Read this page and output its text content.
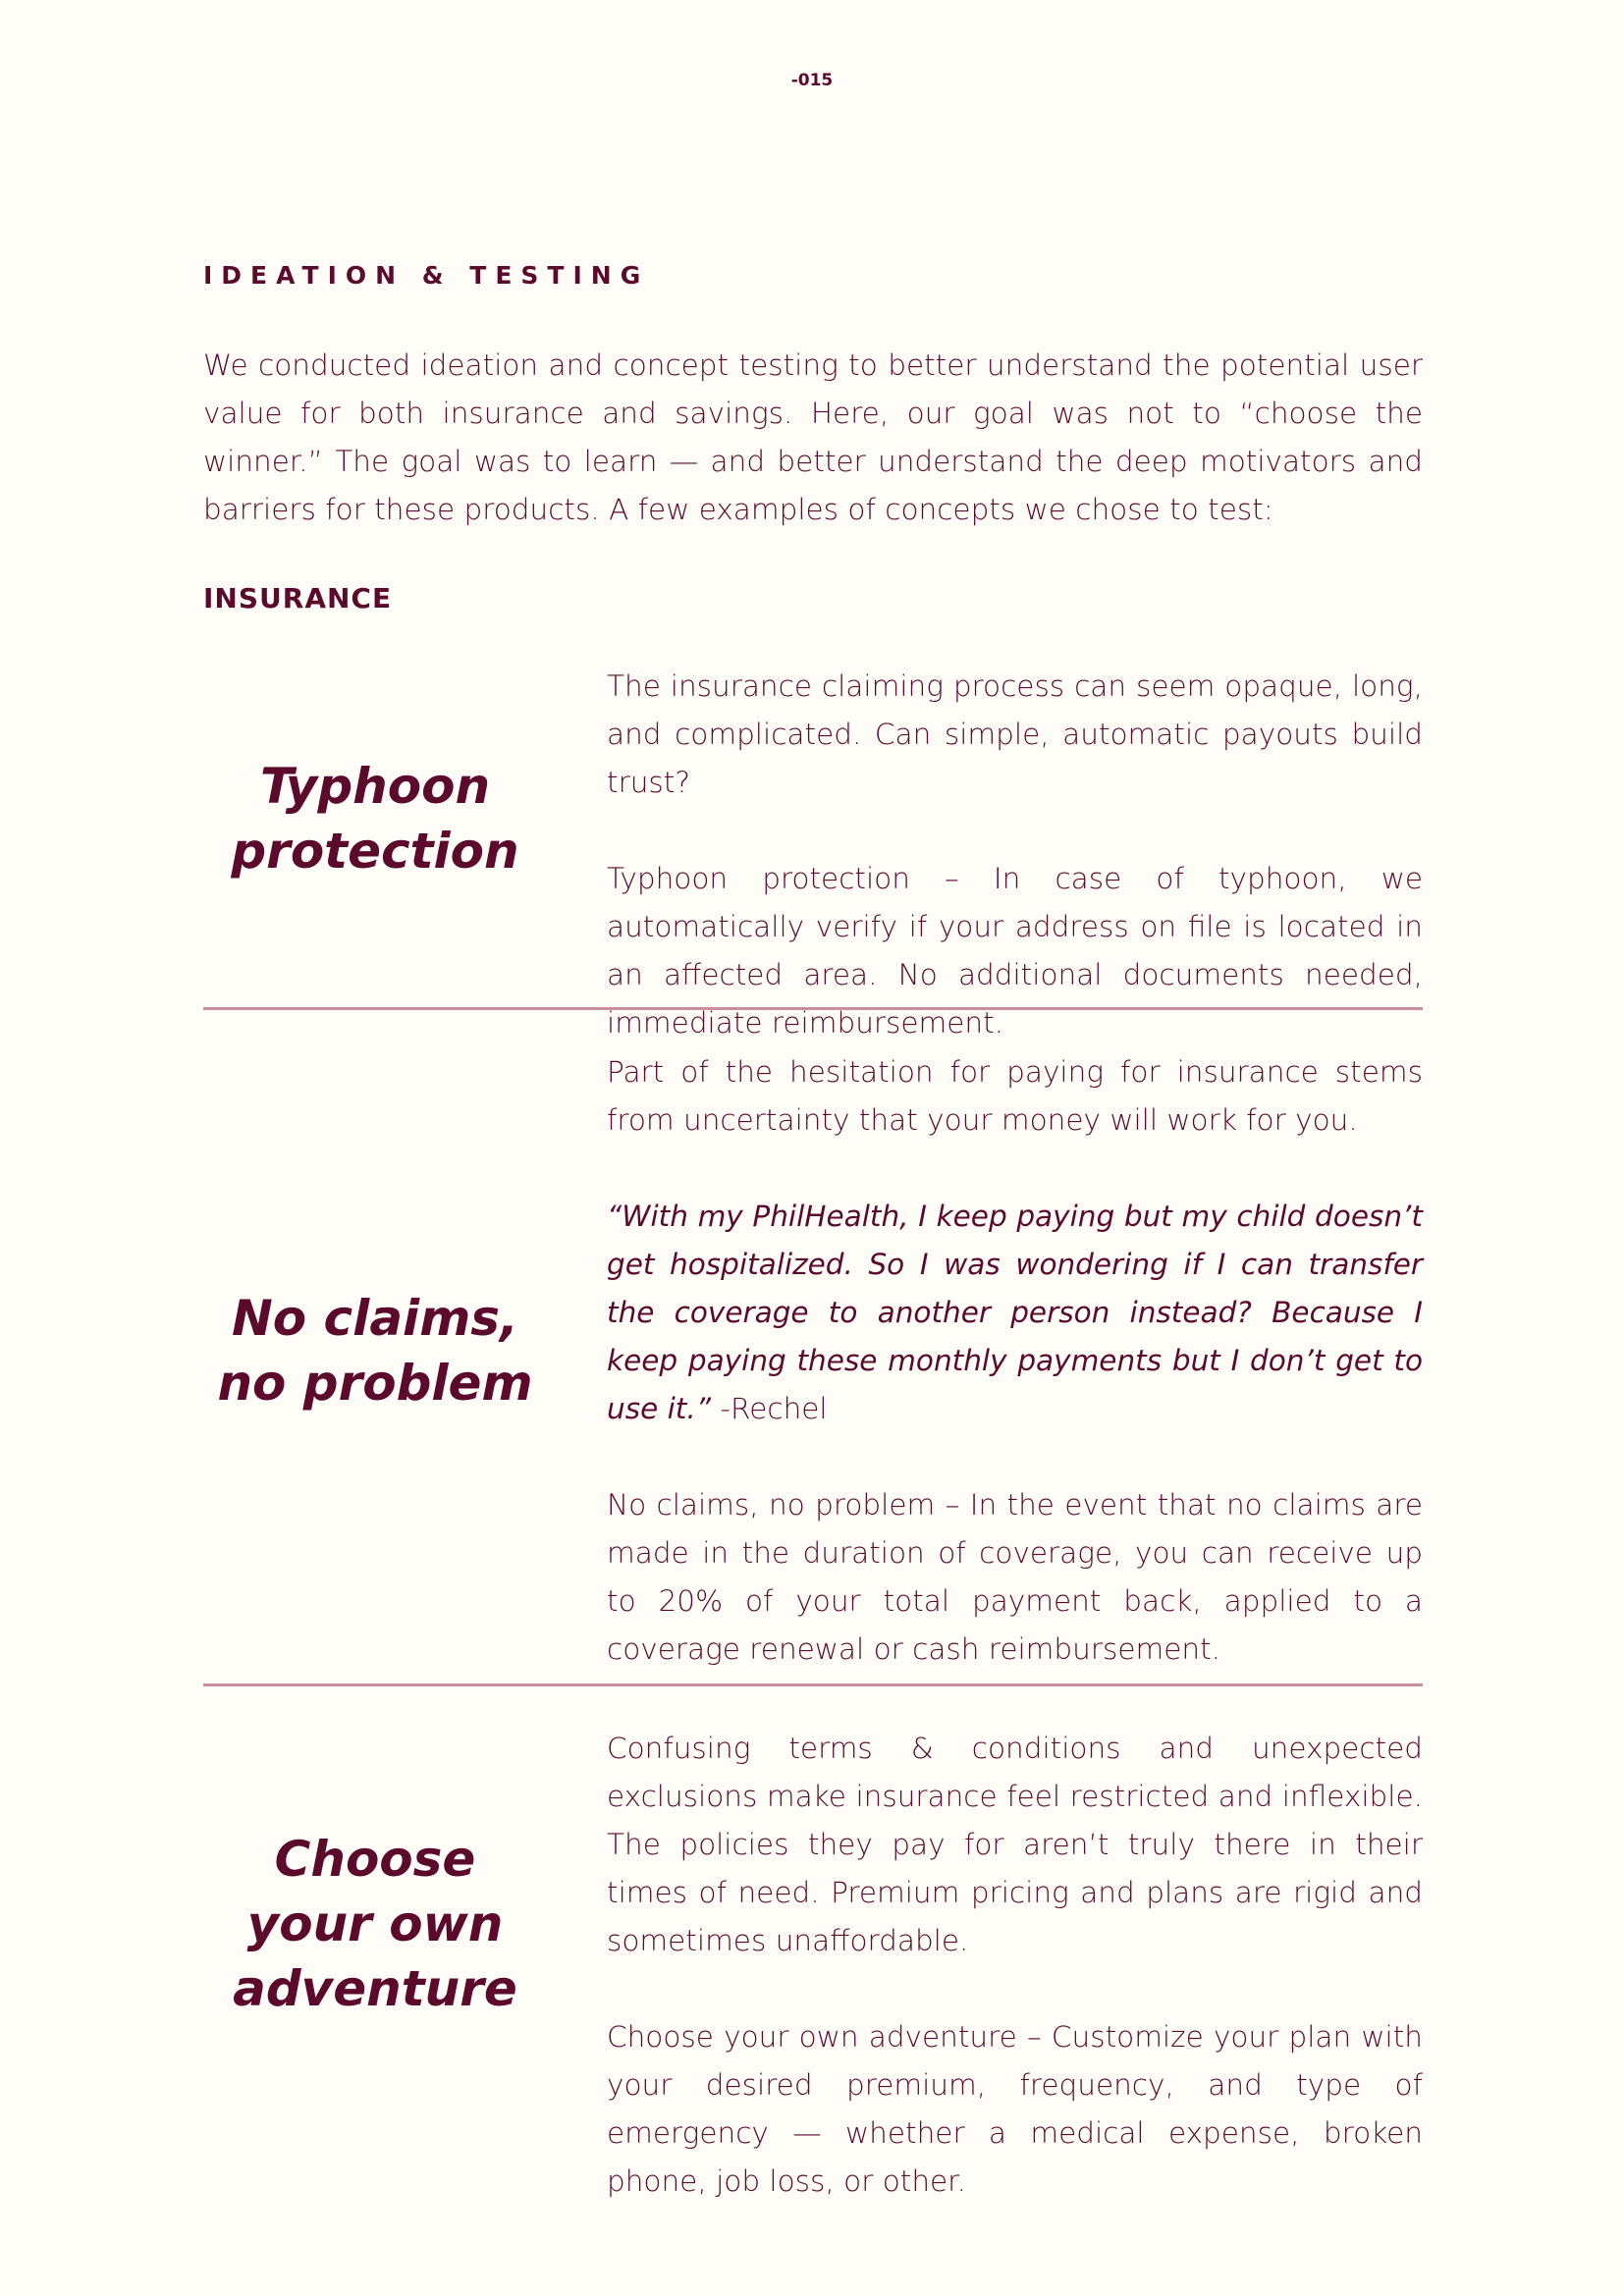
-015
IDEATION & TESTING

We conducted ideation and concept testing to better understand the potential user value for both insurance and savings. Here, our goal was not to “choose the winner.” The goal was to learn — and better understand the deep motivators and barriers for these products. A few examples of concepts we chose to test:

INSURANCE
Typhoon
protection

The insurance claiming process can seem opaque, long, and complicated. Can simple, automatic payouts build trust?

Typhoon protection – In case of typhoon, we automatically verify if your address on file is located in an affected area. No additional documents needed, immediate reimbursement.

No claims,
no problem

Part of the hesitation for paying for insurance stems from uncertainty that your money will work for you.

“With my PhilHealth, I keep paying but my child doesn’t get hospitalized. So I was wondering if I can transfer the coverage to another person instead? Because I keep paying these monthly payments but I don’t get to use it.” -Rechel

No claims, no problem – In the event that no claims are made in the duration of coverage, you can receive up to 20% of your total payment back, applied to a coverage renewal or cash reimbursement.

Choose
your own
adventure

Confusing terms & conditions and unexpected exclusions make insurance feel restricted and inflexible. The policies they pay for aren’t truly there in their times of need. Premium pricing and plans are rigid and sometimes unaffordable.

Choose your own adventure – Customize your plan with your desired premium, frequency, and type of emergency — whether a medical expense, broken phone, job loss, or other.
